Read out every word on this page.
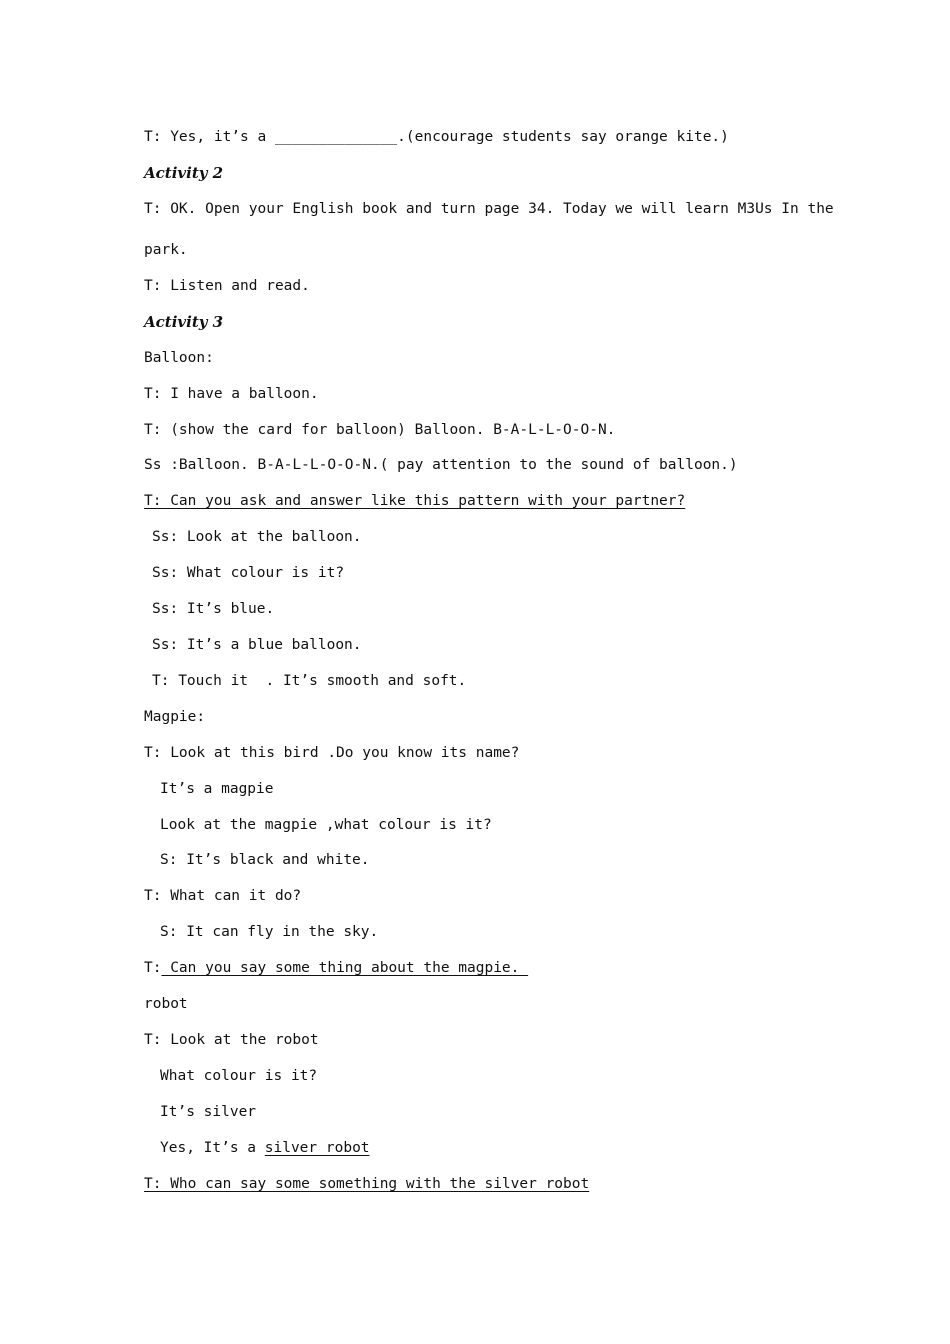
T: Yes, it’s a ______________.(encourage students say orange kite.)
Activity 2
T: OK. Open your English book and turn page 34. Today we will learn M3Us In the
park.
T: Listen and read.
Activity 3
Balloon:
T: I have a balloon.
T: (show the card for balloon) Balloon. B-A-L-L-O-O-N.
Ss :Balloon. B-A-L-L-O-O-N.( pay attention to the sound of balloon.)
T: Can you ask and answer like this pattern with your partner?
Ss: Look at the balloon.
Ss: What colour is it?
Ss: It’s blue.
Ss: It’s a blue balloon.
T: Touch it  . It’s smooth and soft.
Magpie:
T: Look at this bird .Do you know its name?
It’s a magpie
Look at the magpie ,what colour is it?
S: It’s black and white.
T: What can it do?
S: It can fly in the sky.
T: Can you say some thing about the magpie.
robot
T: Look at the robot
What colour is it?
It’s silver
Yes, It’s a silver robot
T: Who can say some something with the silver robot
